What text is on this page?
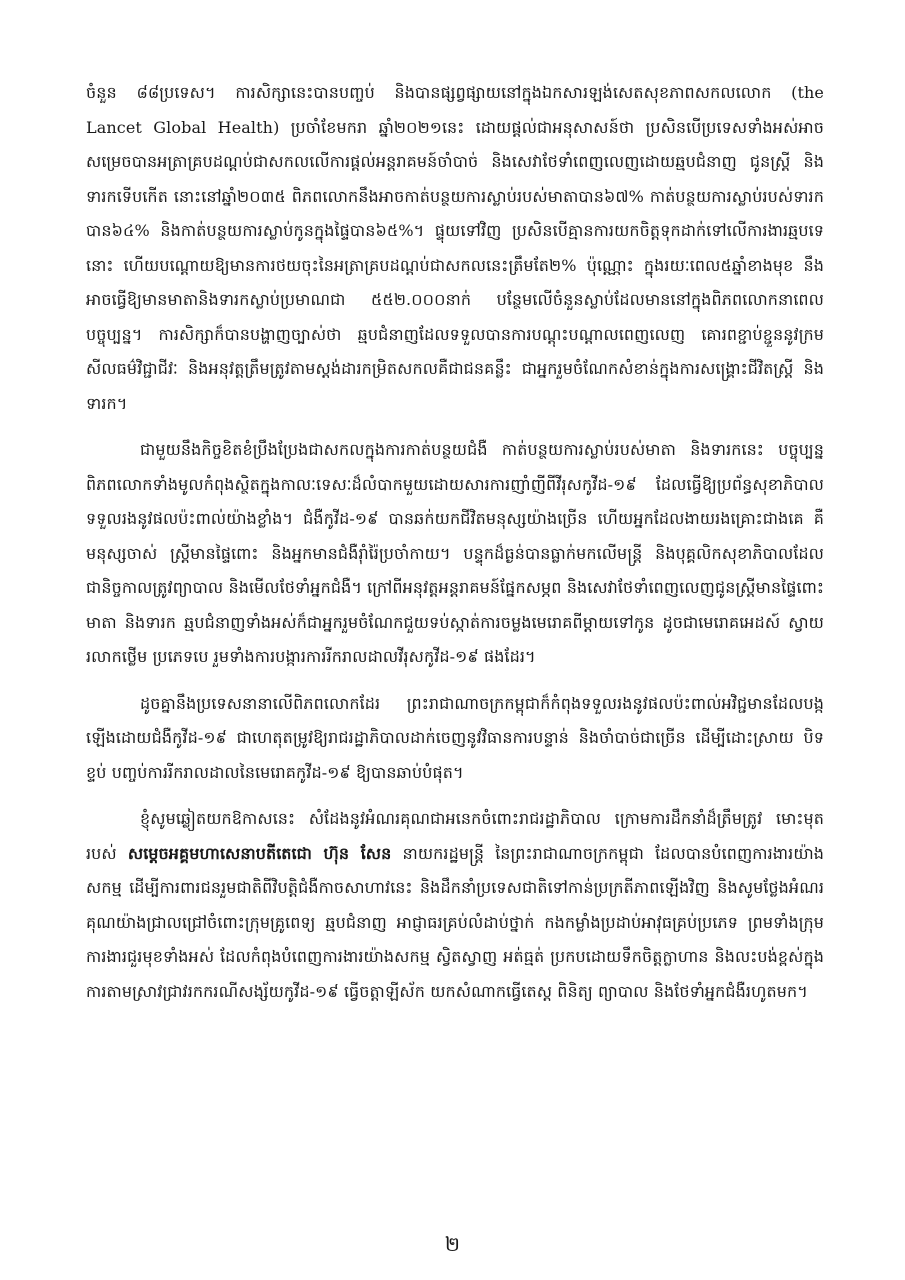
ចំនួន ៨៨ប្រទេស។ ការសិក្សានេះបានបញ្ចប់ និងបានផ្សព្វផ្សាយនៅក្នុងឯកសារឡង់សេតសុខភាពសកលលោក (the Lancet Global Health) ប្រចាំខែមករា ឆ្នាំ២០២១នេះ ដោយផ្តល់ជាអនុសាសន៍ថា ប្រសិនបើប្រទេសទាំងអស់អាចសម្រេចបានអត្រាគ្របដណ្តប់ជាសកលលើការផ្តល់អន្តរាគមន៍ចាំបាច់ និងសេវាថែទាំពេញលេញដោយឆ្មបជំនាញ ជូនស្ត្រី និងទារកទើបកើត នោះនៅឆ្នាំ២០៣៥ ពិភពលោកនឹងអាចកាត់បន្ថយការស្លាប់របស់មាតាបាន៦៧% កាត់បន្ថយការស្លាប់របស់ទារកបាន៦៤% និងកាត់បន្ថយការស្លាប់កូនក្នុងផ្ទៃបាន៦៥%។ ផ្ទុយទៅវិញ ប្រសិនបើគ្មានការយកចិត្តទុកដាក់ទៅលើការងារឆ្មបទេនោះ ហើយបណ្តោយឱ្យមានការថយចុះនៃអត្រាគ្របដណ្តប់ជាសកលនេះត្រឹមតែ២% ប៉ុណ្ណោះ ក្នុងរយៈពេល៥ឆ្នាំខាងមុខ នឹងអាចធ្វើឱ្យមានមាតានិងទារកស្លាប់ប្រមាណជា ៥៥២.០០០នាក់ បន្ថែមលើចំនួនស្លាប់ដែលមាននៅក្នុងពិភពលោកនាពេលបច្ចុប្បន្ន។ ការសិក្សាក៏បានបង្ហាញច្បាស់ថា ឆ្មបជំនាញដែលទទួលបានការបណ្តុះបណ្តាលពេញលេញ គោរពខ្ជាប់ខ្ជួននូវក្រមសីលធម៌វិជ្ជាជីវៈ និងអនុវត្តត្រឹមត្រូវតាមស្តង់ដារកម្រិតសកលគឺជាជនគន្លឹះ ជាអ្នករួមចំណែកសំខាន់ក្នុងការសង្គ្រោះជីវិតស្ត្រី និងទារក។

ជាមួយនឹងកិច្ចខិតខំប្រឹងប្រែងជាសកលក្នុងការកាត់បន្ថយជំងឺ កាត់បន្ថយការស្លាប់របស់មាតា និងទារកនេះ បច្ចុប្បន្នពិភពលោកទាំងមូលកំពុងស្ថិតក្នុងកាលៈទេសៈដ៏លំបាកមួយដោយសារការញាំញីពីវីរុសកូវីដ-១៩ ដែលធ្វើឱ្យប្រព័ន្ធសុខាភិបាលទទួលរងនូវផលប៉ះពាល់យ៉ាងខ្លាំង។ ជំងឺកូវីដ-១៩ បានឆក់យកជីវិតមនុស្សយ៉ាងច្រើន ហើយអ្នកដែលងាយរងគ្រោះជាងគេ គឺមនុស្សចាស់ ស្ត្រីមានផ្ទៃពោះ និងអ្នកមានជំងឺរ៉ាំរ៉ៃប្រចាំកាយ។ បន្ទុកដ៏ធ្ងន់បានធ្លាក់មកលើមន្ត្រី និងបុគ្គលិកសុខាភិបាលដែលជានិច្ចកាលត្រូវព្យាបាល និងមើលថែទាំអ្នកជំងឺ។ ក្រៅពីអនុវត្តអន្តរាគមន៍ផ្នែកសម្ភព និងសេវាថែទាំពេញលេញជូនស្ត្រីមានផ្ទៃពោះ មាតា និងទារក ឆ្មបជំនាញទាំងអស់ក៏ជាអ្នករួមចំណែកជួយទប់ស្កាត់ការចម្លងមេរោគពីម្តាយទៅកូន ដូចជាមេរោគអេដស៍ ស្វាយ រលាកថ្លើម ប្រភេទបេ រួមទាំងការបង្ការការរីករាលដាលវីរុសកូវីដ-១៩ ផងដែរ។

ដូចគ្នានឹងប្រទេសនានាលើពិភពលោកដែរ ព្រះរាជាណាចក្រកម្ពុជាក៏កំពុងទទួលរងនូវផលប៉ះពាល់អវិជ្ជមានដែលបង្កឡើងដោយជំងឺកូវីដ-១៩ ជាហេតុតម្រូវឱ្យរាជរដ្ឋាភិបាលដាក់ចេញនូវវិធានការបន្ទាន់ និងចាំបាច់ជាច្រើន ដើម្បីដោះស្រាយ បិទខ្ទប់ បញ្ចប់ការរីករាលដាលនៃមេរោគកូវីដ-១៩ ឱ្យបានឆាប់បំផុត។

ខ្ញុំសូមឆ្លៀតយកឱកាសនេះ សំដែងនូវអំណរគុណជាអនេកចំពោះរាជរដ្ឋាភិបាល ក្រោមការដឹកនាំដ៏ត្រឹមត្រូវ មោះមុតរបស់ សម្តេចអគ្គមហាសេនាបតីតេជោ ហ៊ុន សែន នាយករដ្ឋមន្ត្រី នៃព្រះរាជាណាចក្រកម្ពុជា ដែលបានបំពេញការងារយ៉ាងសកម្ម ដើម្បីការពារជនរួមជាតិពីវិបត្តិជំងឺកាចសាហាវនេះ និងដឹកនាំប្រទេសជាតិទៅកាន់ប្រក្រតីភាពឡើងវិញ និងសូមថ្លែងអំណរគុណយ៉ាងជ្រាលជ្រៅចំពោះក្រុមគ្រូពេទ្យ ឆ្មបជំនាញ អាជ្ញាធរគ្រប់លំដាប់ថ្នាក់ កងកម្លាំងប្រដាប់អាវុធគ្រប់ប្រភេទ ព្រមទាំងក្រុមការងារជួរមុខទាំងអស់ ដែលកំពុងបំពេញការងារយ៉ាងសកម្ម ស្វិតស្វាញ អត់ធ្មត់ ប្រកបដោយទឹកចិត្តក្លាហាន និងលះបង់ខ្ពស់ក្នុងការតាមស្រាវជ្រាវរកករណីសង្ស័យកូវីដ-១៩ ធ្វើចត្តាឡីស័ក យកសំណាកធ្វើតេស្ត ពិនិត្យ ព្យាបាល និងថែទាំអ្នកជំងឺរហូតមក។

២
